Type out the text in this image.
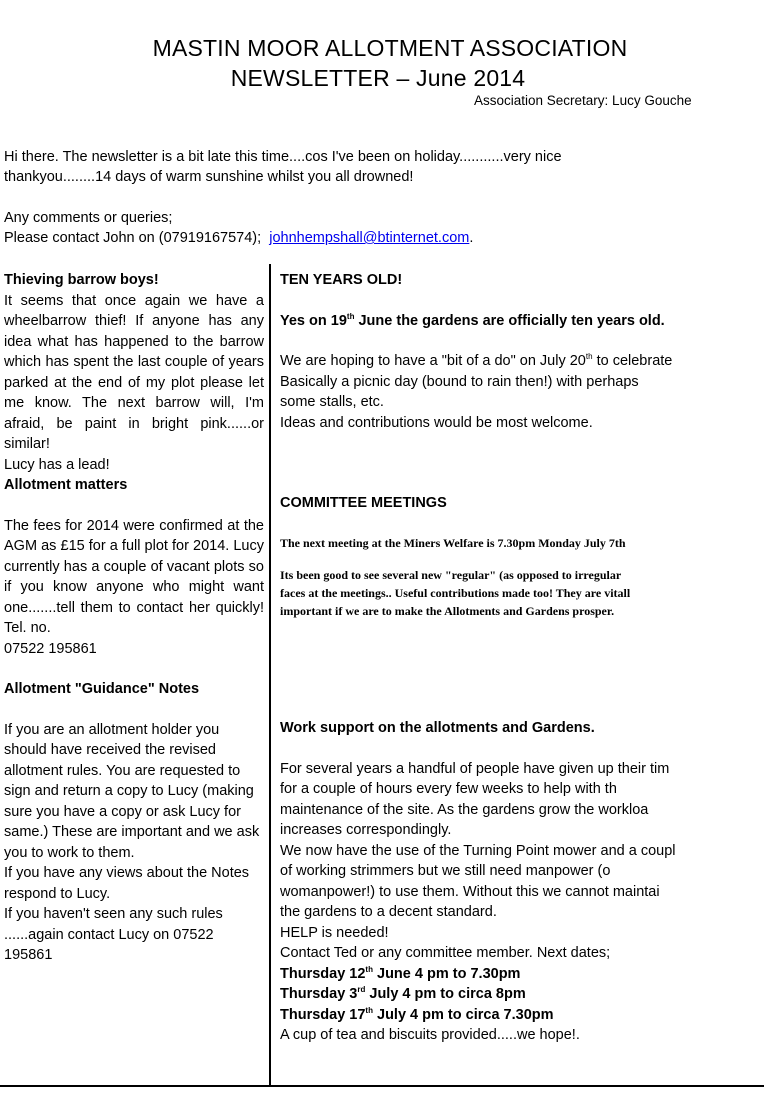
MASTIN MOOR ALLOTMENT ASSOCIATION
NEWSLETTER – June 2014
Association Secretary: Lucy Gouche
Hi there. The newsletter is a bit late this time....cos I've been on holiday...........very nice
thankyou........14 days of warm sunshine whilst you all drowned!
Any comments or queries;
Please contact John on (07919167574);  johnhempshall@btinternet.com.
Thieving barrow boys!
It seems that once again we have a wheelbarrow thief! If anyone has any idea what has happened to the barrow which has spent the last couple of years parked at the end of my plot please let me know. The next barrow will, I'm afraid, be paint in bright pink......or similar!
Lucy has a lead!
Allotment matters
The fees for 2014 were confirmed at the AGM as £15 for a full plot for 2014. Lucy currently has a couple of vacant plots so if you know anyone who might want one.......tell them to contact her quickly! Tel. no.
07522 195861
Allotment "Guidance" Notes
If you are an allotment holder you should have received the revised allotment rules. You are requested to sign and return a copy to Lucy (making sure you have a copy or ask Lucy for same.) These are important and we ask you to work to them.
If you have any views about the Notes respond to Lucy.
If you haven't seen any such rules ......again contact Lucy on 07522 195861
TEN YEARS OLD!
Yes on 19th June the gardens are officially ten years old.
We are hoping to have a "bit of a do" on July 20th to celebrate
Basically a picnic day (bound to rain then!) with perhaps
some stalls, etc.
Ideas and contributions would be most welcome.
COMMITTEE MEETINGS
The next meeting at the Miners Welfare is 7.30pm Monday July 7th
Its been good to see several new "regular" (as opposed to irregular
faces at the meetings.. Useful contributions made too! They are vitall
important if we are to make the Allotments and Gardens prosper.
Work support on the allotments and Gardens.
For several years a handful of people have given up their tim
for a couple of hours every few weeks to help with th
maintenance of the site. As the gardens grow the workloa
increases correspondingly.
We now have the use of the Turning Point mower and a coupl
of working strimmers but we still need manpower (o
womanpower!) to use them. Without this we cannot maintai
the gardens to a decent standard.
HELP is needed!
Contact Ted or any committee member. Next dates;
Thursday 12th June 4 pm to 7.30pm
Thursday 3rd July 4 pm to circa 8pm
Thursday 17th July 4 pm to circa 7.30pm
A cup of tea and biscuits provided.....we hope!.
